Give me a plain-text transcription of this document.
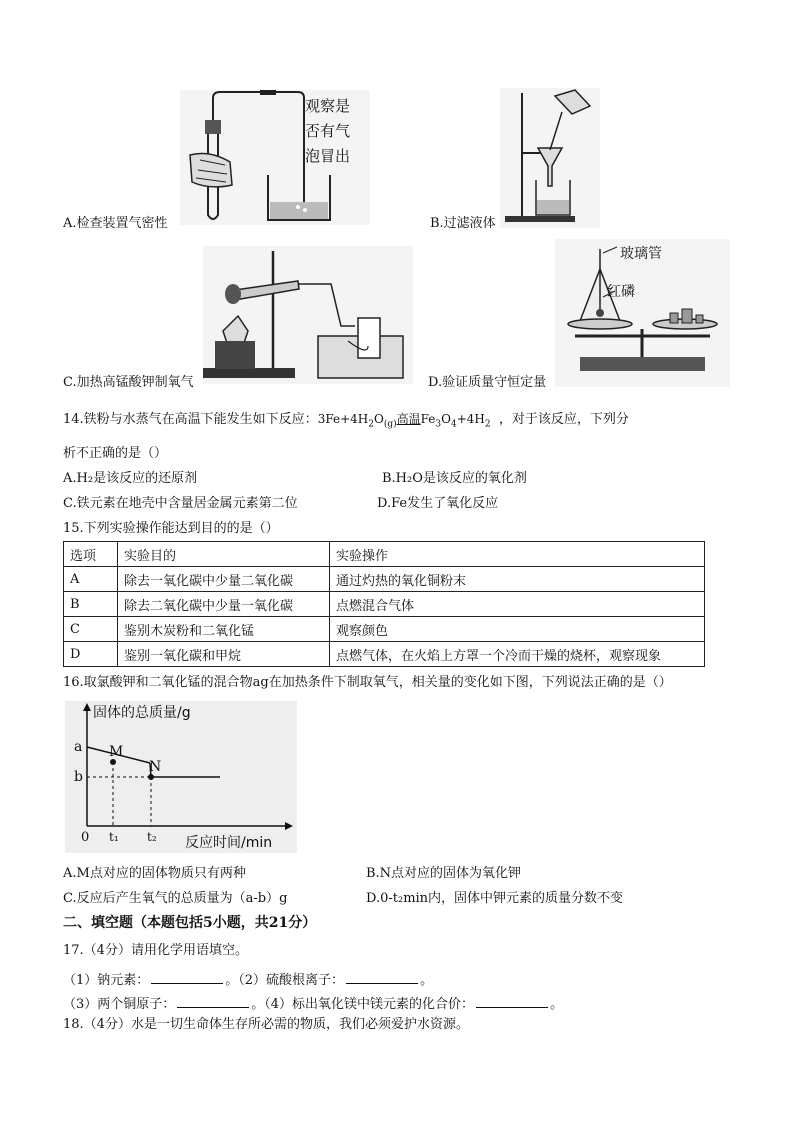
观察是
否有气
泡冒出
A.检查装置气密性	B.过滤液体
C.加热高锰酸钾制氧气
玻璃管
红磷
D.验证质量守恒定量
14.铁粉与水蒸气在高温下能发生如下反应：$3Fe+4H_2O_{(g)}$高温$Fe_3O_4+4H_2$ ，对于该反应，下列分
析不正确的是（）
A.H₂是该反应的还原剂	B.H₂O是该反应的氧化剂
C.铁元素在地壳中含量居金属元素第二位	D.Fe发生了氧化反应
15.下列实验操作能达到目的的是（）
选项	实验目的	实验操作
A	除去一氧化碳中少量二氧化碳	通过灼热的氧化铜粉末
B	除去二氧化碳中少量一氧化碳	点燃混合气体
C	鉴别木炭粉和二氧化锰	观察颜色
D	鉴别一氧化碳和甲烷	点燃气体，在火焰上方罩一个冷而干燥的烧杯，观察现象
16.取氯酸钾和二氧化锰的混合物ag在加热条件下制取氧气，相关量的变化如下图，下列说法正确的是（）
固体的总质量/g
反应时间/min
0
a
b
t₁ t₂
M
N
A.M点对应的固体物质只有两种	B.N点对应的固体为氧化钾
C.反应后产生氧气的总质量为（a-b）g	D.0-t₂min内，固体中钾元素的质量分数不变
二、填空题（本题包括5小题，共21分）
17.（4分）请用化学用语填空。
（1）钠元素：	。（2）硫酸根离子：	。
（3）两个铜原子：	。（4）标出氧化镁中镁元素的化合价：	。
18.（4分）水是一切生命体生存所必需的物质，我们必须爱护水资源。
